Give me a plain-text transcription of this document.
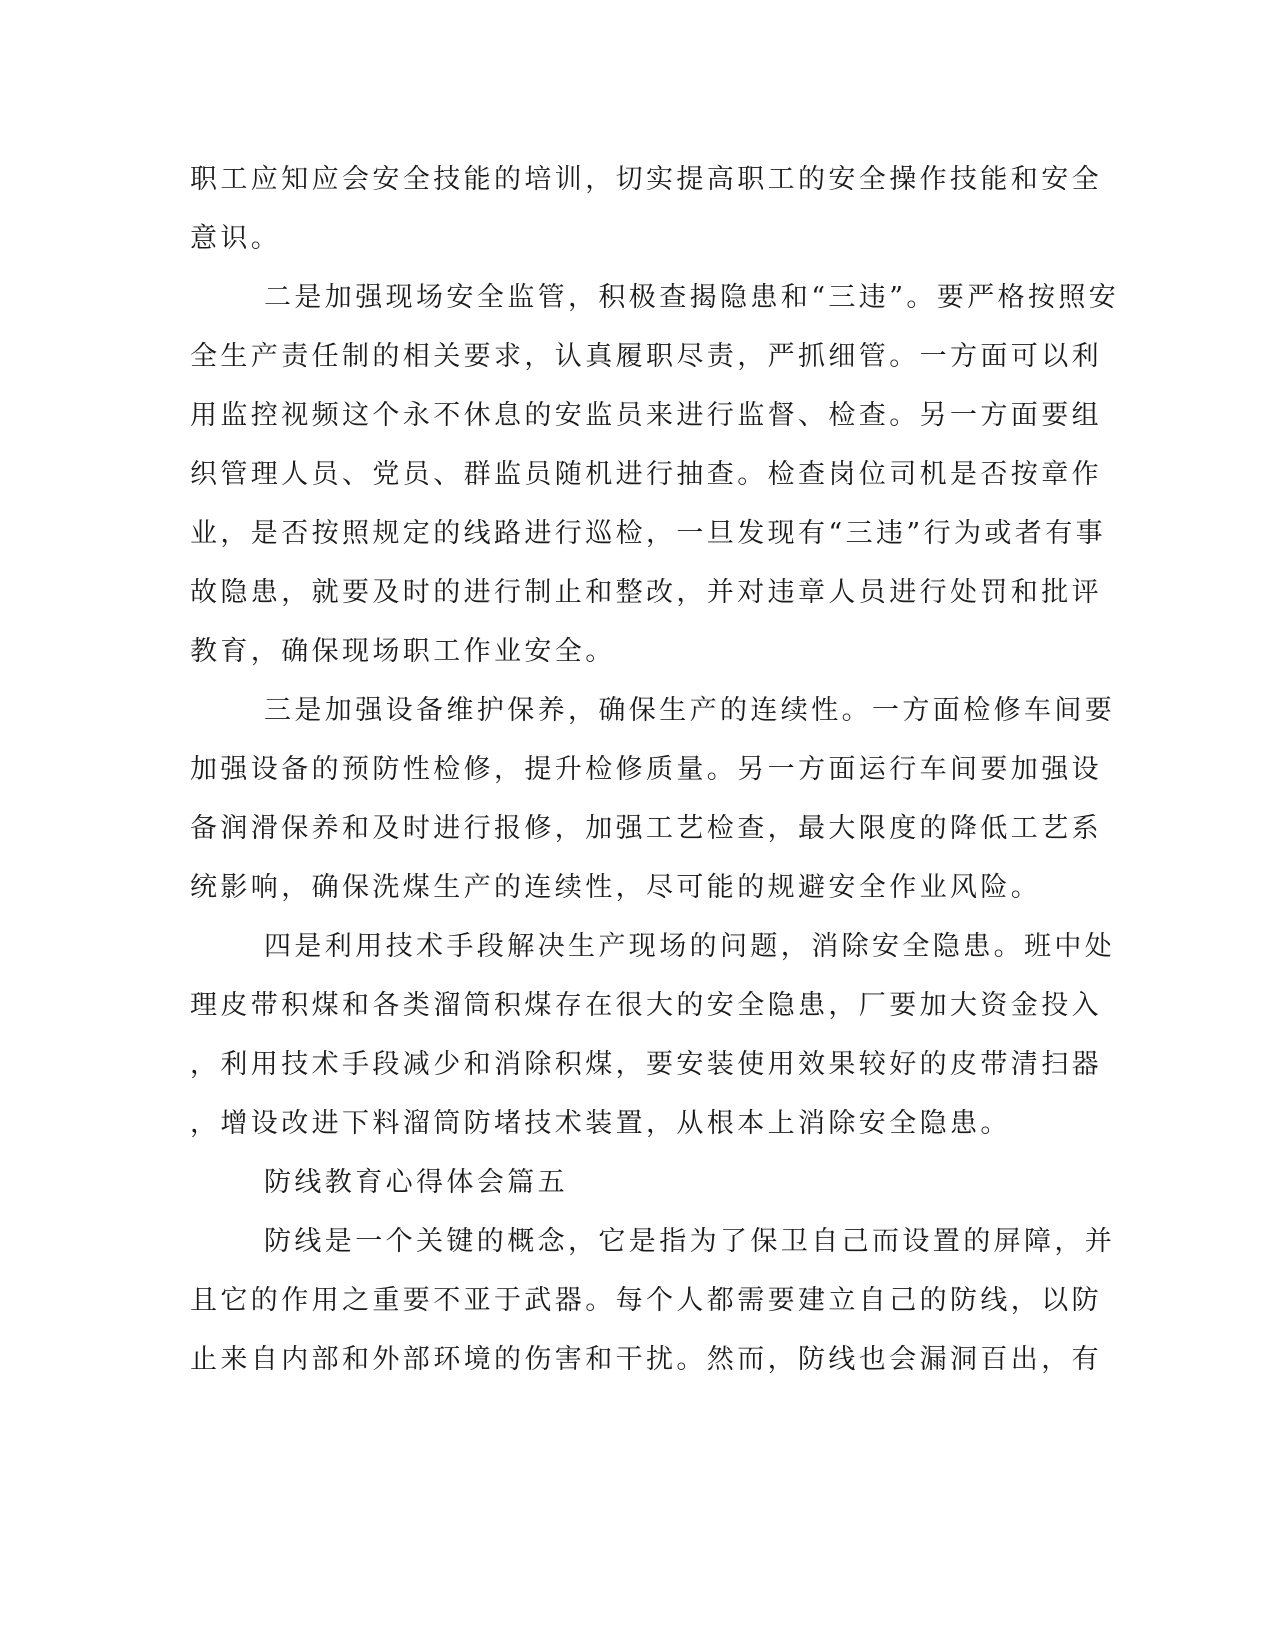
职工应知应会安全技能的培训，切实提高职工的安全操作技能和安全
意识。
二是加强现场安全监管，积极查揭隐患和“三违”。要严格按照安
全生产责任制的相关要求，认真履职尽责，严抓细管。一方面可以利
用监控视频这个永不休息的安监员来进行监督、检查。另一方面要组
织管理人员、党员、群监员随机进行抽查。检查岗位司机是否按章作
业，是否按照规定的线路进行巡检，一旦发现有“三违”行为或者有事
故隐患，就要及时的进行制止和整改，并对违章人员进行处罚和批评
教育，确保现场职工作业安全。
三是加强设备维护保养，确保生产的连续性。一方面检修车间要
加强设备的预防性检修，提升检修质量。另一方面运行车间要加强设
备润滑保养和及时进行报修，加强工艺检查，最大限度的降低工艺系
统影响，确保洗煤生产的连续性，尽可能的规避安全作业风险。
四是利用技术手段解决生产现场的问题，消除安全隐患。班中处
理皮带积煤和各类溜筒积煤存在很大的安全隐患，厂要加大资金投入
，利用技术手段减少和消除积煤，要安装使用效果较好的皮带清扫器
，增设改进下料溜筒防堵技术装置，从根本上消除安全隐患。
防线教育心得体会篇五
防线是一个关键的概念，它是指为了保卫自己而设置的屏障，并
且它的作用之重要不亚于武器。每个人都需要建立自己的防线，以防
止来自内部和外部环境的伤害和干扰。然而，防线也会漏洞百出，有
